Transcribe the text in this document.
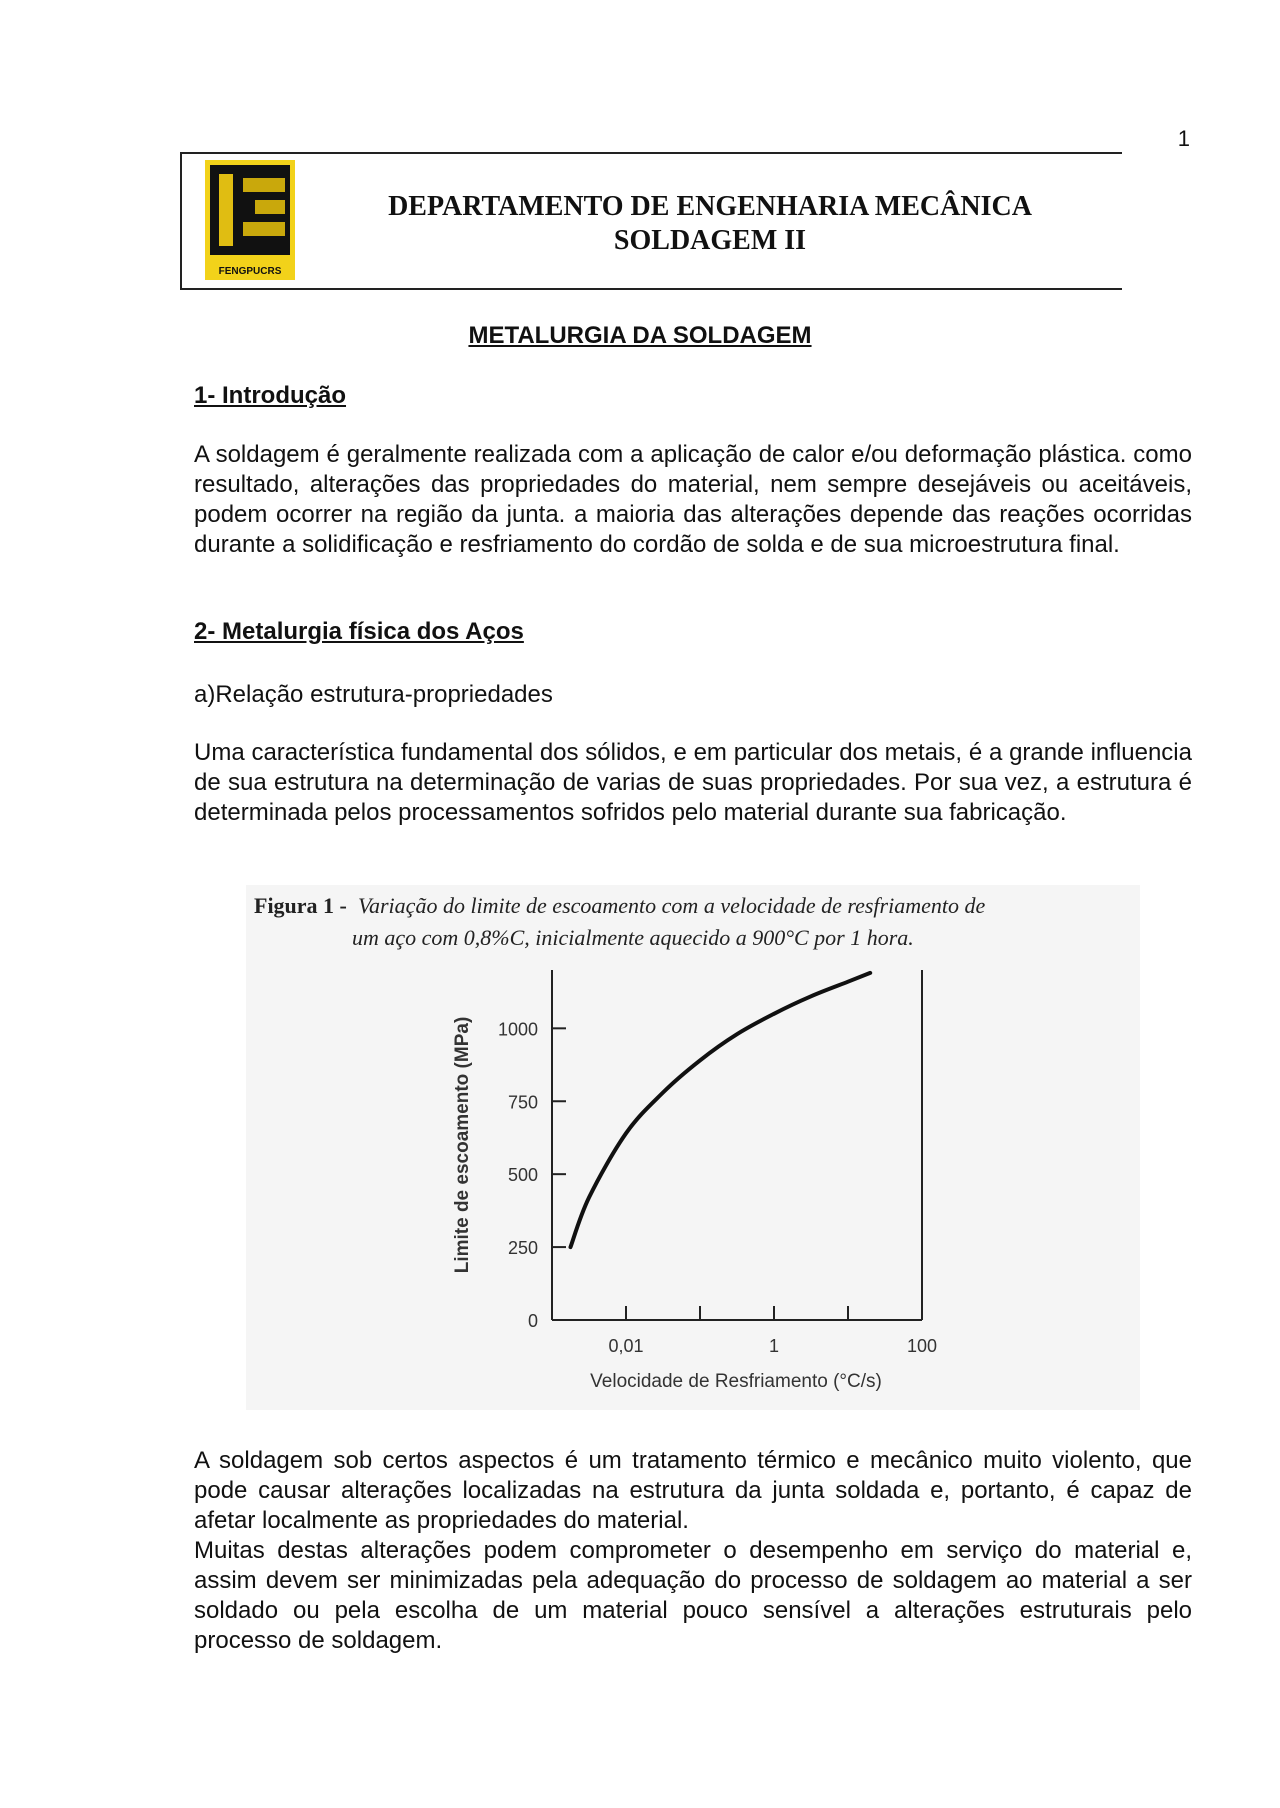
1
FENGPUCRS
DEPARTAMENTO DE ENGENHARIA MECÂNICA
SOLDAGEM II
METALURGIA DA SOLDAGEM
1- Introdução
A soldagem é geralmente realizada com a aplicação de calor e/ou deformação plástica. como resultado, alterações das propriedades do material, nem sempre desejáveis ou aceitáveis, podem ocorrer na região da junta. a maioria das alterações depende das reações ocorridas durante a solidificação e resfriamento do cordão de solda e de sua microestrutura final.
2- Metalurgia física dos Aços
a)Relação estrutura-propriedades
Uma característica fundamental dos sólidos, e em particular dos metais, é a grande influencia de sua estrutura na determinação de varias de suas propriedades. Por sua vez, a estrutura é determinada pelos processamentos sofridos pelo material durante sua fabricação.
Figura 1 - Variação do limite de escoamento com a velocidade de resfriamento de
um aço com 0,8%C, inicialmente aquecido a 900°C por 1 hora.
0
250
500
750
1000
0,01	1	100
Velocidade de Resfriamento (°C/s)
Limite de escoamento (MPa)
A soldagem sob certos aspectos é um tratamento térmico e mecânico muito violento, que pode causar alterações localizadas na estrutura da junta soldada e, portanto, é capaz de afetar localmente as propriedades do material.
Muitas destas alterações podem comprometer o desempenho em serviço do material e, assim devem ser minimizadas pela adequação do processo de soldagem ao material a ser soldado ou pela escolha de um material pouco sensível a alterações estruturais pelo processo de soldagem.
